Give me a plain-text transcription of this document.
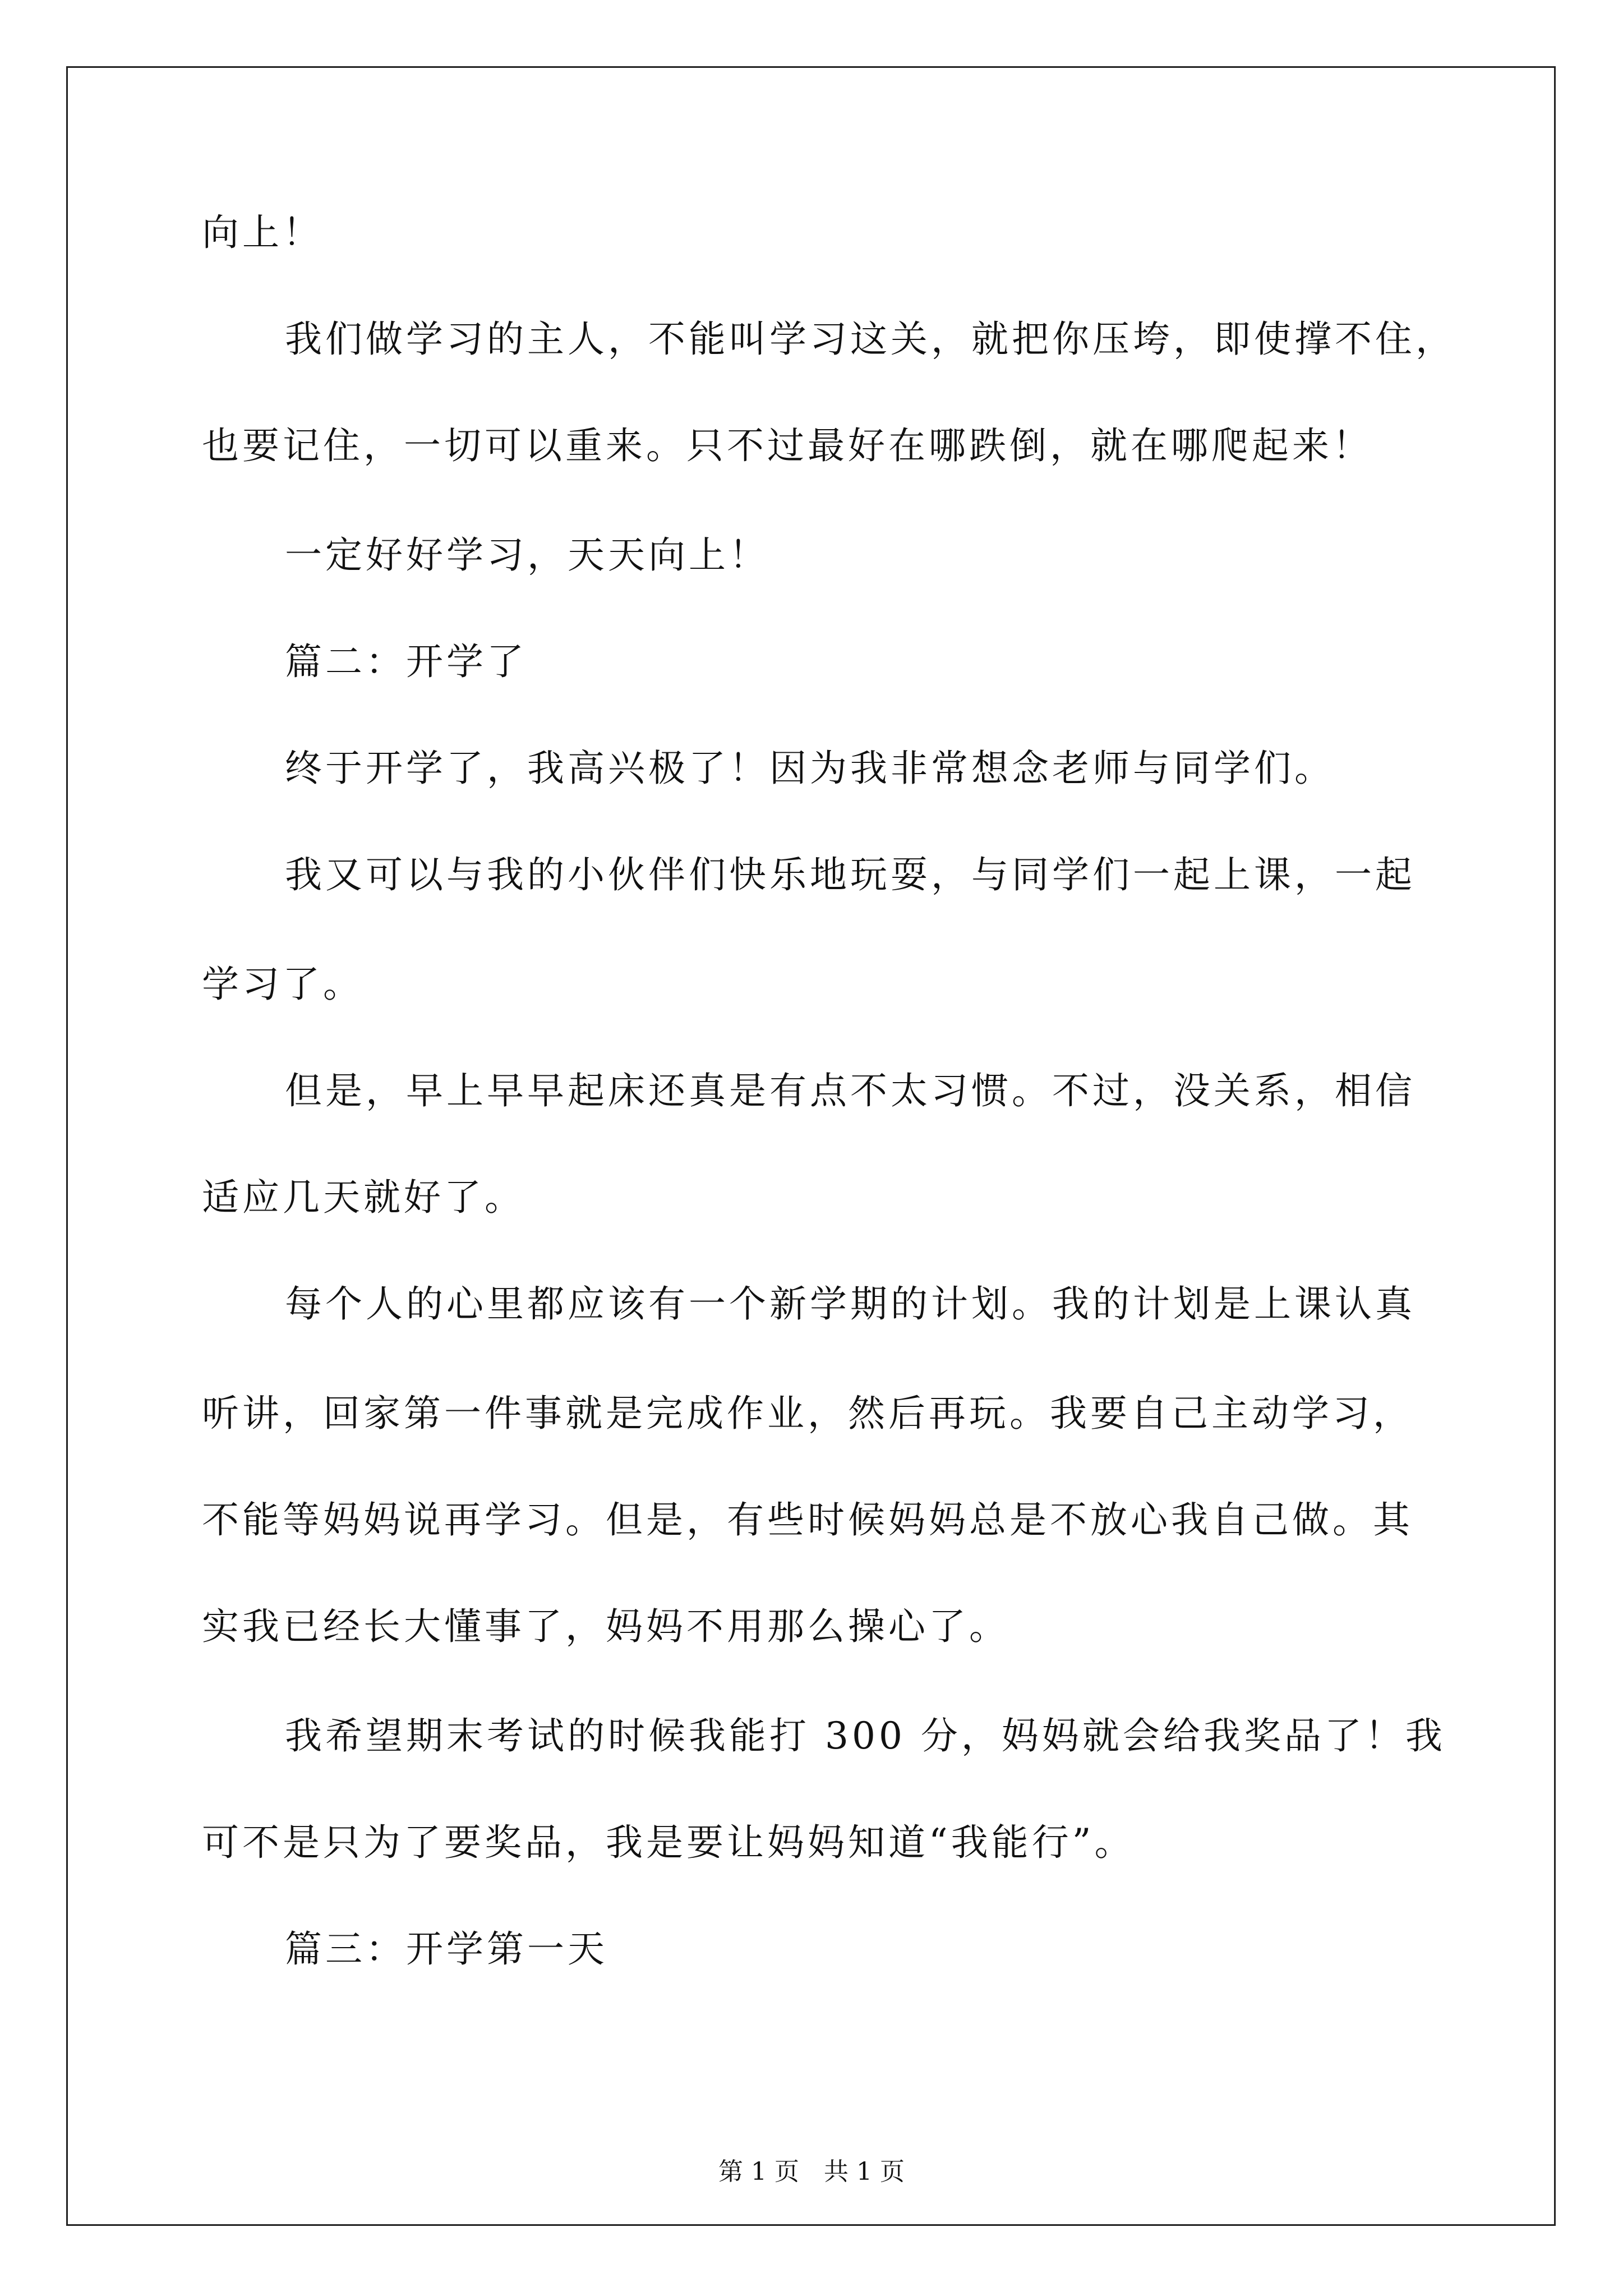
向上！
我们做学习的主人，不能叫学习这关，就把你压垮，即使撑不住，
也要记住，一切可以重来。只不过最好在哪跌倒，就在哪爬起来！
一定好好学习，天天向上！
篇二：开学了
终于开学了，我高兴极了！因为我非常想念老师与同学们。
我又可以与我的小伙伴们快乐地玩耍，与同学们一起上课，一起
学习了。
但是，早上早早起床还真是有点不太习惯。不过，没关系，相信
适应几天就好了。
每个人的心里都应该有一个新学期的计划。我的计划是上课认真
听讲，回家第一件事就是完成作业，然后再玩。我要自己主动学习，
不能等妈妈说再学习。但是，有些时候妈妈总是不放心我自己做。其
实我已经长大懂事了，妈妈不用那么操心了。
我希望期末考试的时候我能打 300 分，妈妈就会给我奖品了！我
可不是只为了要奖品，我是要让妈妈知道“我能行”。
篇三：开学第一天
第 1 页 共 1 页
